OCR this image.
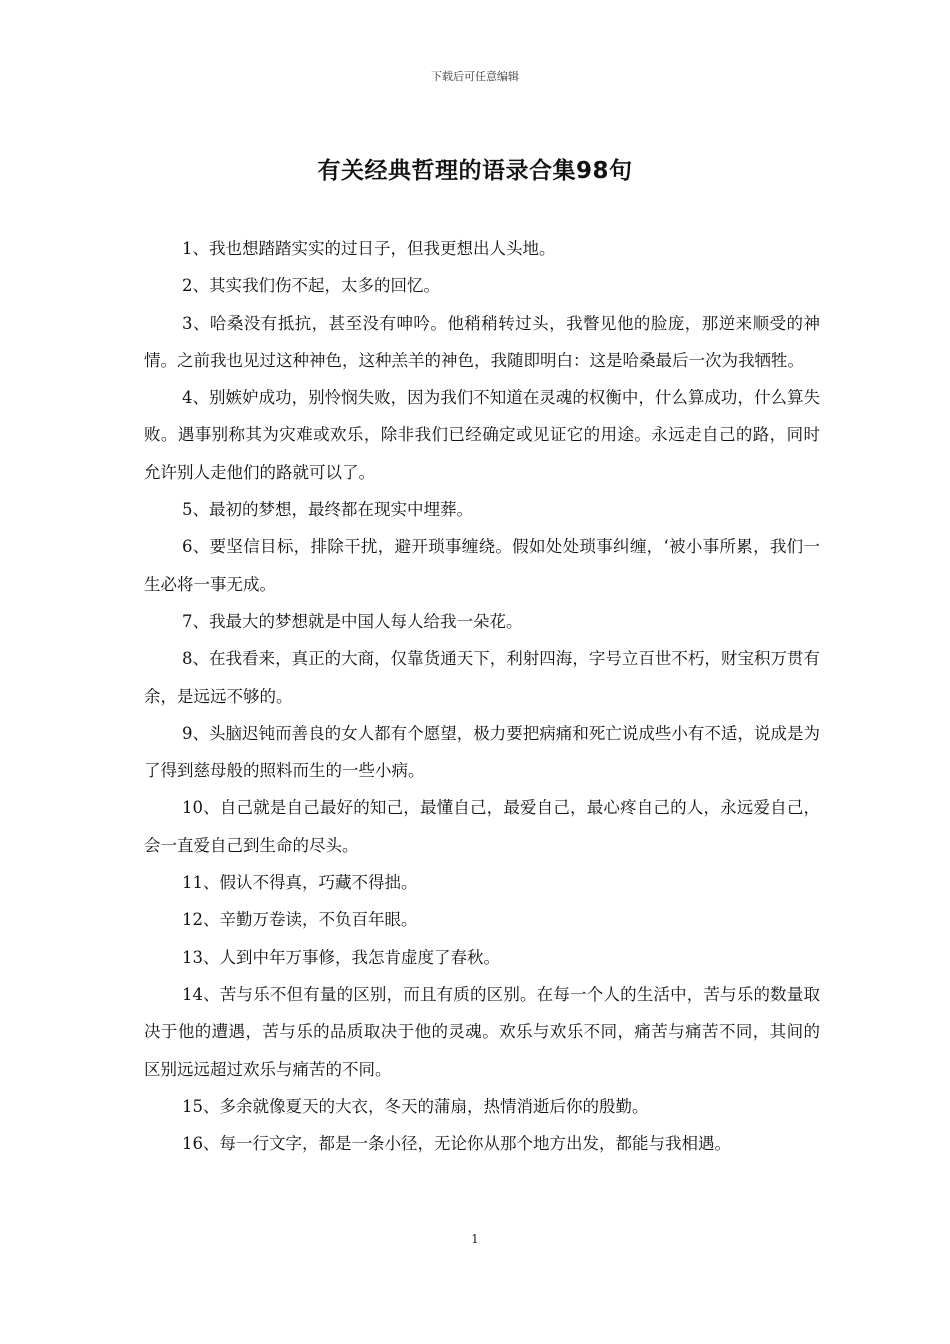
下载后可任意编辑
有关经典哲理的语录合集98句

1、我也想踏踏实实的过日子，但我更想出人头地。

2、其实我们伤不起，太多的回忆。

3、哈桑没有抵抗，甚至没有呻吟。他稍稍转过头，我瞥见他的脸庞，那逆来顺受的神情。之前我也见过这种神色，这种羔羊的神色，我随即明白：这是哈桑最后一次为我牺牲。

4、别嫉妒成功，别怜悯失败，因为我们不知道在灵魂的权衡中，什么算成功，什么算失败。遇事别称其为灾难或欢乐，除非我们已经确定或见证它的用途。永远走自己的路，同时允许别人走他们的路就可以了。

5、最初的梦想，最终都在现实中埋葬。

6、要坚信目标，排除干扰，避开琐事缠绕。假如处处琐事纠缠，‘被小事所累，我们一生必将一事无成。

7、我最大的梦想就是中国人每人给我一朵花。

8、在我看来，真正的大商，仅靠货通天下，利射四海，字号立百世不朽，财宝积万贯有余，是远远不够的。

9、头脑迟钝而善良的女人都有个愿望，极力要把病痛和死亡说成些小有不适，说成是为了得到慈母般的照料而生的一些小病。

10、自己就是自己最好的知己，最懂自己，最爱自己，最心疼自己的人，永远爱自己，会一直爱自己到生命的尽头。

11、假认不得真，巧藏不得拙。

12、辛勤万卷读，不负百年眼。

13、人到中年万事修，我怎肯虚度了春秋。

14、苦与乐不但有量的区别，而且有质的区别。在每一个人的生活中，苦与乐的数量取决于他的遭遇，苦与乐的品质取决于他的灵魂。欢乐与欢乐不同，痛苦与痛苦不同，其间的区别远远超过欢乐与痛苦的不同。

15、多余就像夏天的大衣，冬天的蒲扇，热情消逝后你的殷勤。

16、每一行文字，都是一条小径，无论你从那个地方出发，都能与我相遇。

1
